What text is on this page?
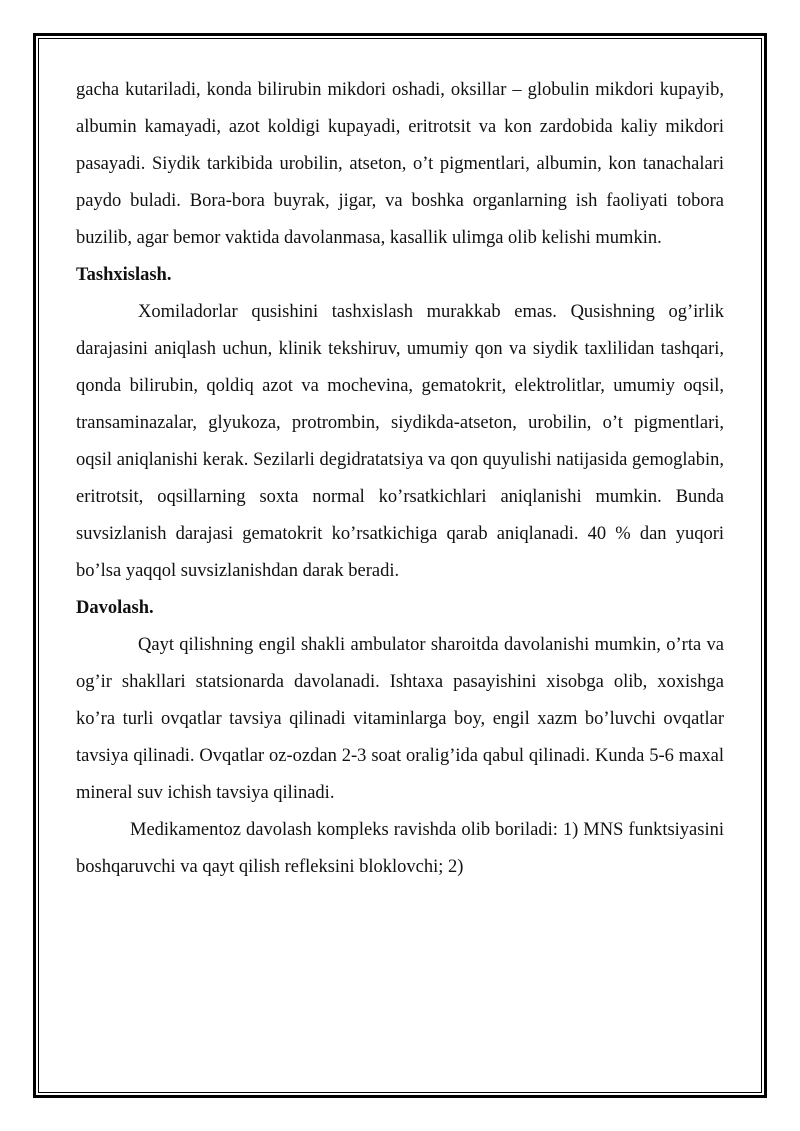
gacha kutariladi, konda bilirubin mikdori oshadi, oksillar – globulin mikdori kupayib, albumin kamayadi, azot koldigi kupayadi, eritrotsit va kon zardobida kaliy mikdori pasayadi. Siydik tarkibida urobilin, atseton, o’t pigmentlari, albumin, kon tanachalari paydo buladi. Bora-bora buyrak, jigar, va boshka organlarning ish faoliyati tobora buzilib, agar bemor vaktida davolanmasa, kasallik ulimga olib kelishi mumkin.

Tashxislash.

Xomiladorlar qusishini tashxislash murakkab emas. Qusishning og’irlik darajasini aniqlash uchun, klinik tekshiruv, umumiy qon va siydik taxlilidan tashqari, qonda bilirubin, qoldiq azot va mochevina, gematokrit, elektrolitlar, umumiy oqsil, transaminazalar, glyukoza, protrombin, siydikda-atseton, urobilin, o’t pigmentlari, oqsil aniqlanishi kerak. Sezilarli degidratatsiya va qon quyulishi natijasida gemoglabin, eritrotsit, oqsillarning soxta normal ko’rsatkichlari aniqlanishi mumkin. Bunda suvsizlanish darajasi gematokrit ko’rsatkichiga qarab aniqlanadi. 40 % dan yuqori bo’lsa yaqqol suvsizlanishdan darak beradi.

Davolash.

Qayt qilishning engil shakli ambulator sharoitda davolanishi mumkin, o’rta va og’ir shakllari statsionarda davolanadi. Ishtaxa pasayishini xisobga olib, xoxishga ko’ra turli ovqatlar tavsiya qilinadi vitaminlarga boy, engil xazm bo’luvchi ovqatlar tavsiya qilinadi. Ovqatlar oz-ozdan 2-3 soat oralig’ida qabul qilinadi. Kunda 5-6 maxal mineral suv ichish tavsiya qilinadi.

Medikamentoz davolash kompleks ravishda olib boriladi: 1) MNS funktsiyasini boshqaruvchi va qayt qilish refleksini bloklovchi; 2)
